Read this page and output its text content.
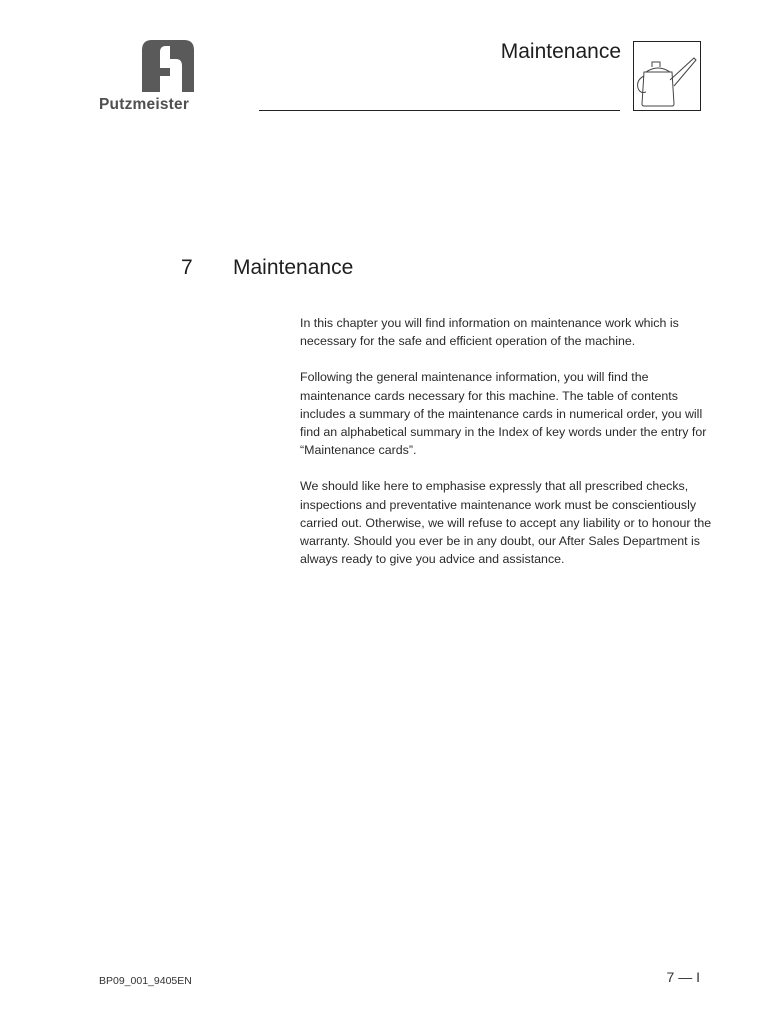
Putzmeister
Maintenance
7 Maintenance

In this chapter you will find information on maintenance work which is necessary for the safe and efficient operation of the machine.

Following the general maintenance information, you will find the maintenance cards necessary for this machine. The table of contents includes a summary of the maintenance cards in numerical order, you will find an alphabetical summary in the Index of key words under the entry for “Maintenance cards”.

We should like here to emphasise expressly that all prescribed checks, inspections and preventative maintenance work must be conscientiously carried out. Otherwise, we will refuse to accept any liability or to honour the warranty. Should you ever be in any doubt, our After Sales Department is always ready to give you advice and assistance.

BP09_001_9405EN	7 — I
